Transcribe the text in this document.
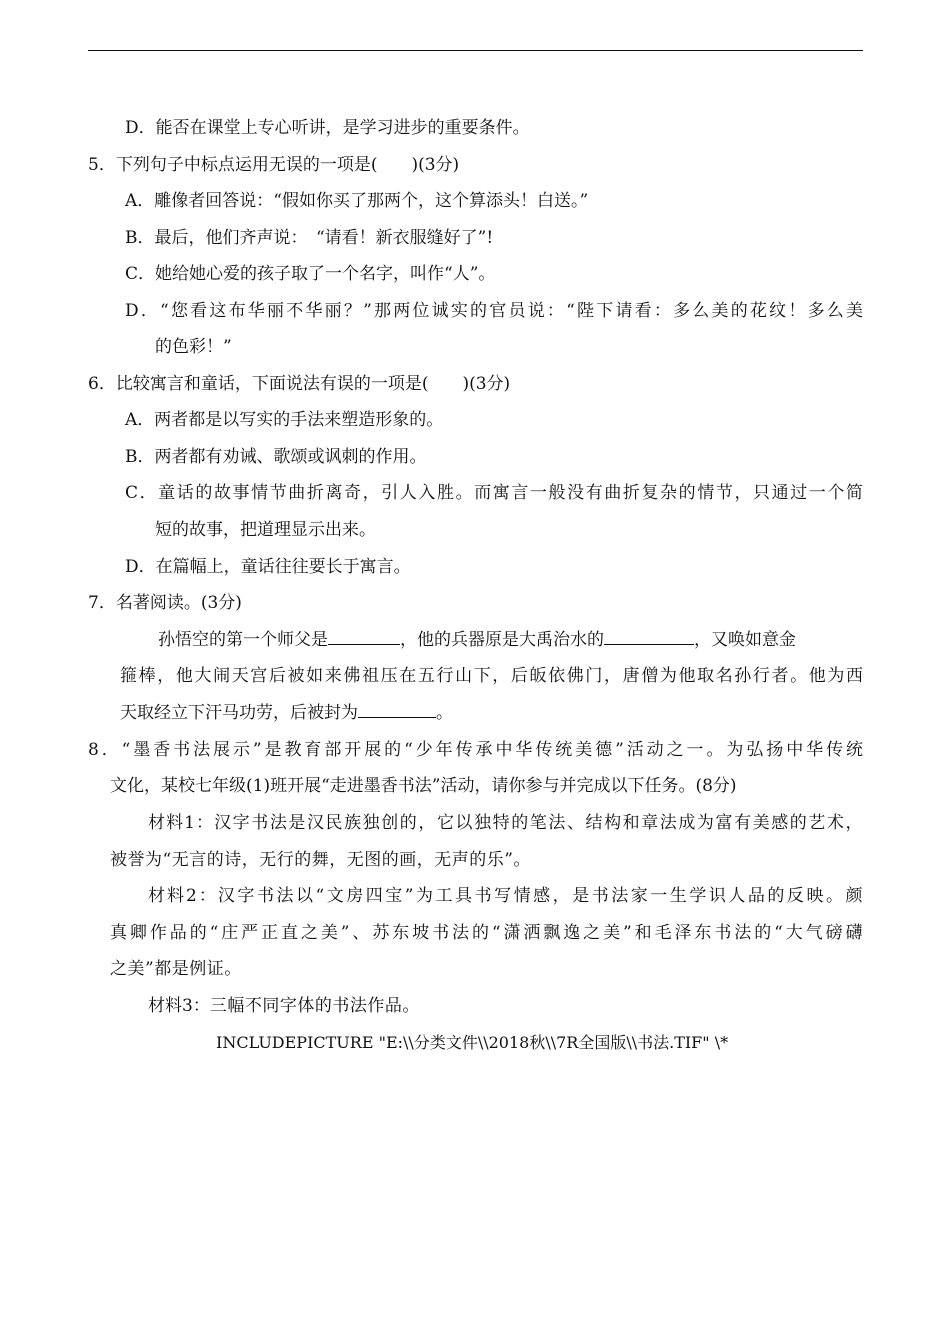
D．能否在课堂上专心听讲，是学习进步的重要条件。
5．下列句子中标点运用无误的一项是(　　)(3分)
A．雕像者回答说：“假如你买了那两个，这个算添头！白送。”
B．最后，他们齐声说：　“请看！新衣服缝好了”!
C．她给她心爱的孩子取了一个名字，叫作“人”。
D．“您看这布华丽不华丽？”那两位诚实的官员说：“陛下请看：多么美的花纹！多么美
的色彩！”
6．比较寓言和童话，下面说法有误的一项是(　　)(3分)
A．两者都是以写实的手法来塑造形象的。
B．两者都有劝诫、歌颂或讽刺的作用。
C．童话的故事情节曲折离奇，引人入胜。而寓言一般没有曲折复杂的情节，只通过一个简
短的故事，把道理显示出来。
D．在篇幅上，童话往往要长于寓言。
7．名著阅读。(3分)
孙悟空的第一个师父是	，他的兵器原是大禹治水的	，又唤如意金
箍棒，他大闹天宫后被如来佛祖压在五行山下，后皈依佛门，唐僧为他取名孙行者。他为西
天取经立下汗马功劳，后被封为	。
8．“墨香书法展示”是教育部开展的“少年传承中华传统美德”活动之一。为弘扬中华传统
文化，某校七年级(1)班开展“走进墨香书法”活动，请你参与并完成以下任务。(8分)
材料1：汉字书法是汉民族独创的，它以独特的笔法、结构和章法成为富有美感的艺术，
被誉为“无言的诗，无行的舞，无图的画，无声的乐”。
材料2：汉字书法以“文房四宝”为工具书写情感，是书法家一生学识人品的反映。颜
真卿作品的“庄严正直之美”、苏东坡书法的“潇洒飘逸之美”和毛泽东书法的“大气磅礴
之美”都是例证。
材料3：三幅不同字体的书法作品。
INCLUDEPICTURE "E:\\分类文件\\2018秋\\7R全国版\\书法.TIF" \*
